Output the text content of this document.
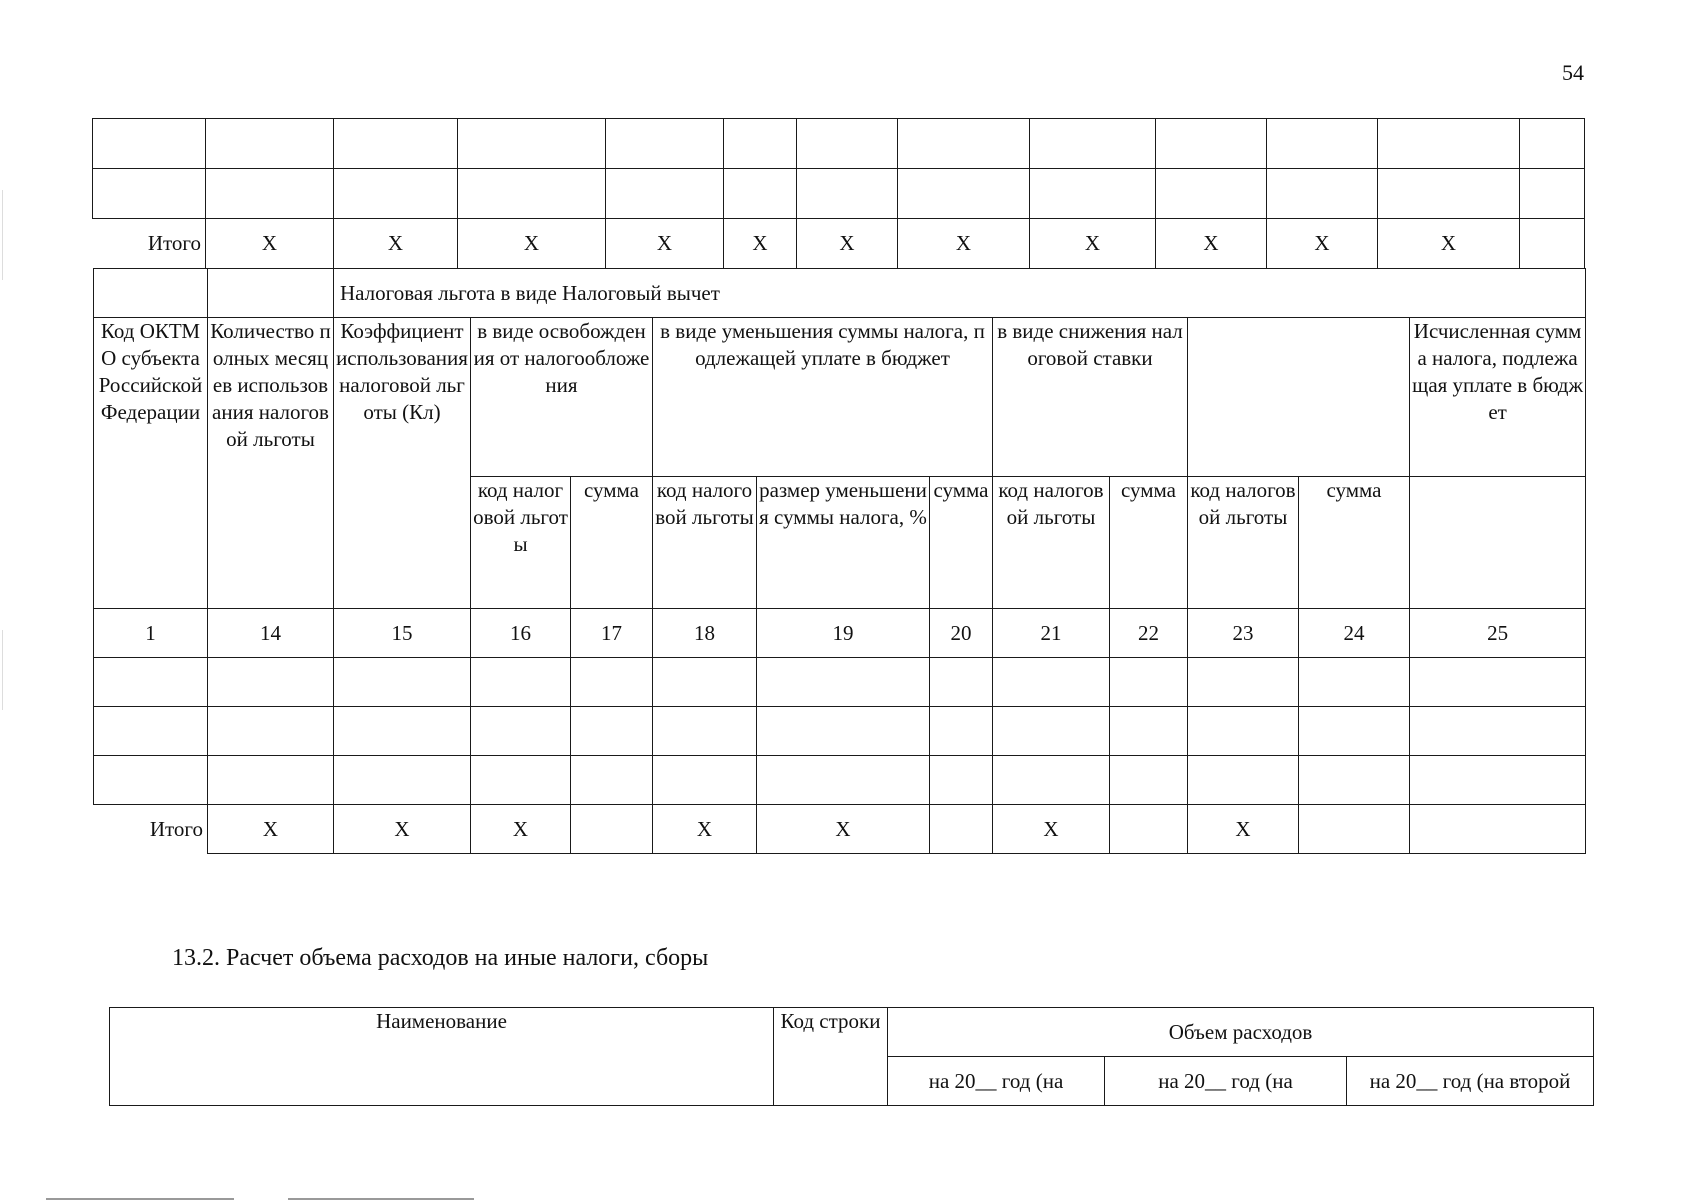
54

Итого	Х	Х	Х	Х	Х	Х	Х	Х	Х	Х	Х	
		Налоговая льгота в виде Налоговый вычет										
Код ОКТМО субъекта Российской Федерации	Количество полных месяцев использования налоговой льготы	Коэффициент использования налоговой льготы (Кл)	в виде освобождения от налогообложения		в виде уменьшения суммы налога, подлежащей уплате в бюджет			в виде снижения налоговой ставки				Исчисленная сумма налога, подлежащая уплате в бюджет
			код налоговой льготы	сумма	код налоговой льготы	размер уменьшения суммы налога, %	сумма	код налоговой льготы	сумма	код налоговой льготы	сумма	
1	14	15	16	17	18	19	20	21	22	23	24	25

Итого	Х	Х	Х		Х	Х		Х		Х		
13.2. Расчет объема расходов на иные налоги, сборы
Наименование	Код строки	Объем расходов		
		на 20__ год (на	на 20__ год (на	на 20__ год (на второй
